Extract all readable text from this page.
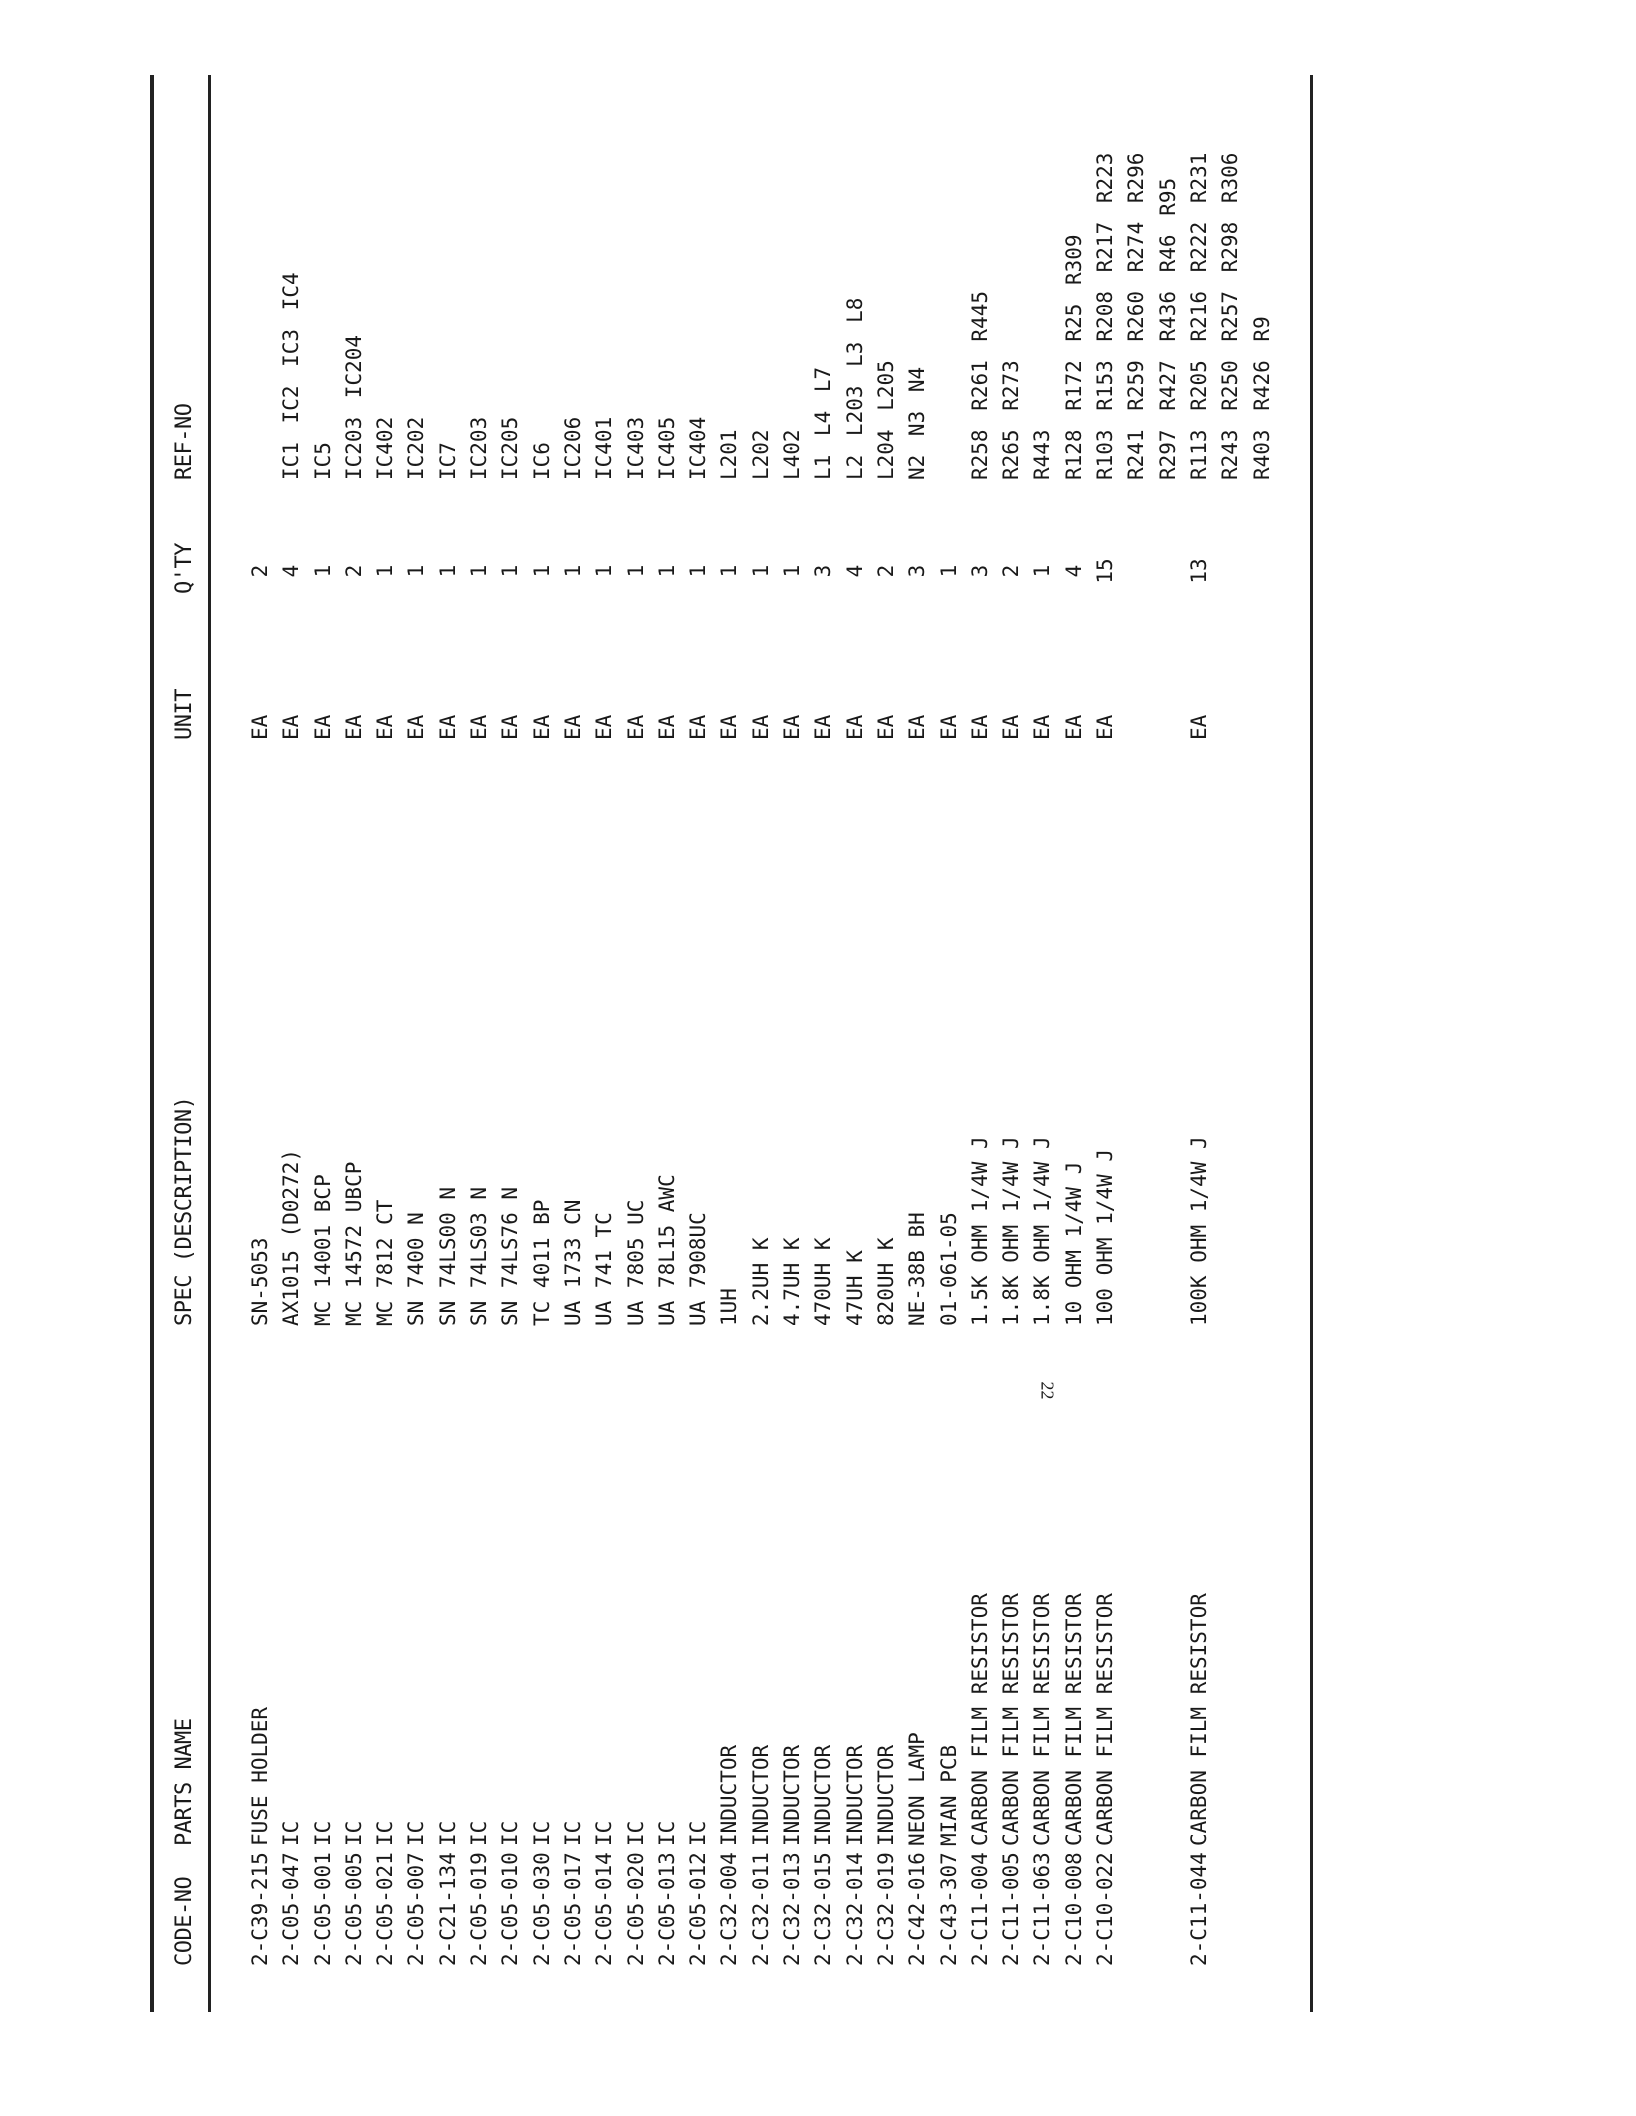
CODE-NO
PARTS NAME
SPEC (DESCRIPTION)
UNIT
Q'TY
REF-NO
2-C39-215
FUSE HOLDER
SN-5053
EA
2
2-C05-047
IC
AX1015 (D0272)
EA
4
IC1 IC2 IC3 IC4
2-C05-001
IC
MC 14001 BCP
EA
1
IC5
2-C05-005
IC
MC 14572 UBCP
EA
2
IC203 IC204
2-C05-021
IC
MC 7812 CT
EA
1
IC402
2-C05-007
IC
SN 7400 N
EA
1
IC202
2-C21-134
IC
SN 74LS00 N
EA
1
IC7
2-C05-019
IC
SN 74LS03 N
EA
1
IC203
2-C05-010
IC
SN 74LS76 N
EA
1
IC205
2-C05-030
IC
TC 4011 BP
EA
1
IC6
2-C05-017
IC
UA 1733 CN
EA
1
IC206
2-C05-014
IC
UA 741 TC
EA
1
IC401
2-C05-020
IC
UA 7805 UC
EA
1
IC403
2-C05-013
IC
UA 78L15 AWC
EA
1
IC405
2-C05-012
IC
UA 7908UC
EA
1
IC404
2-C32-004
INDUCTOR
1UH
EA
1
L201
2-C32-011
INDUCTOR
2.2UH K
EA
1
L202
2-C32-013
INDUCTOR
4.7UH K
EA
1
L402
2-C32-015
INDUCTOR
470UH K
EA
3
L1 L4 L7
2-C32-014
INDUCTOR
47UH K
EA
4
L2 L203 L3 L8
2-C32-019
INDUCTOR
820UH K
EA
2
L204 L205
2-C42-016
NEON LAMP
NE-38B BH
EA
3
N2 N3 N4
2-C43-307
MIAN PCB
01-061-05
EA
1
2-C11-004
CARBON FILM RESISTOR
1.5K OHM 1/4W J
EA
3
R258 R261 R445
2-C11-005
CARBON FILM RESISTOR
1.8K OHM 1/4W J
EA
2
R265 R273
2-C11-063
CARBON FILM RESISTOR
1.8K OHM 1/4W J
EA
1
R443
2-C10-008
CARBON FILM RESISTOR
10 OHM 1/4W J
EA
4
R128 R172 R25 R309
2-C10-022
CARBON FILM RESISTOR
100 OHM 1/4W J
EA
15
R103 R153 R208 R217 R223 R241 R259 R260 R274 R296 R297 R427 R436 R46 R95
2-C11-044
CARBON FILM RESISTOR
100K OHM 1/4W J
EA
13
R113 R205 R216 R222 R231 R243 R250 R257 R298 R306 R403 R426 R9
22
